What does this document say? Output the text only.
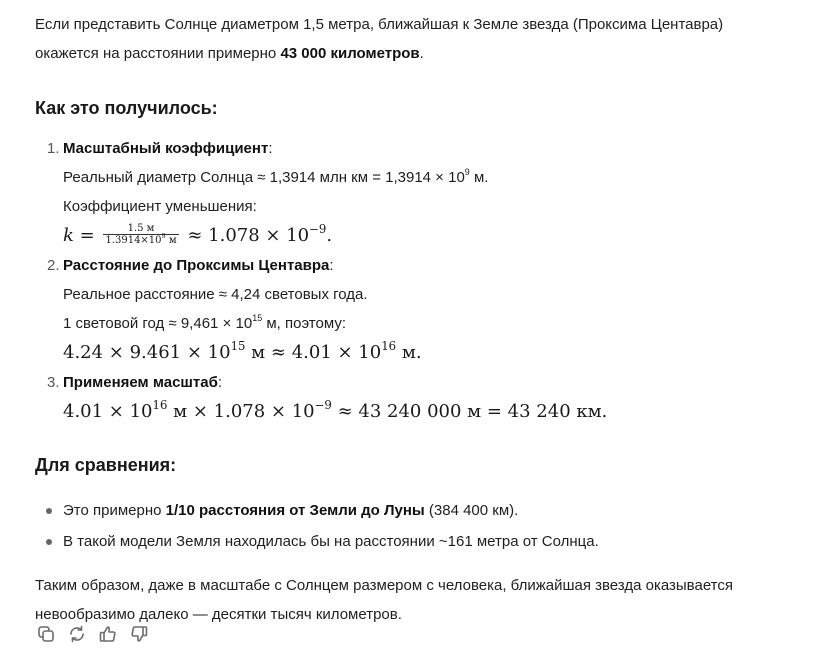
Если представить Солнце диаметром 1,5 метра, ближайшая к Земле звезда (Проксима Центавра) окажется на расстоянии примерно 43 000 километров.

Как это получилось:
1. Масштабный коэффициент:
Реальный диаметр Солнца ≈ 1,3914 млн км = $1,3914 \times 10^9$ м.
Коэффициент уменьшения:
$k = \frac{1.5 м}{1.3914\times 10^9 м} \approx 1.078 \times 10^{-9}$.
2. Расстояние до Проксимы Центавра:
Реальное расстояние ≈ 4,24 световых года.
1 световой год ≈ $9,461 \times 10^{15}$ м, поэтому:
$4.24 \times 9.461 \times 10^{15}$ $м \approx 4.01 \times 10^{16}$ м.
3. Применяем масштаб:
$4.01 \times 10^{16}$ $м \times 1.078 \times 10^{-9} \approx 43$ 240 000 м = 43 240 км.
Для сравнения:
Это примерно 1/10 расстояния от Земли до Луны (384 400 км).
В такой модели Земля находилась бы на расстоянии ~161 метра от Солнца.

Таким образом, даже в масштабе с Солнцем размером с человека, ближайшая звезда оказывается невообразимо далеко — десятки тысяч километров.
